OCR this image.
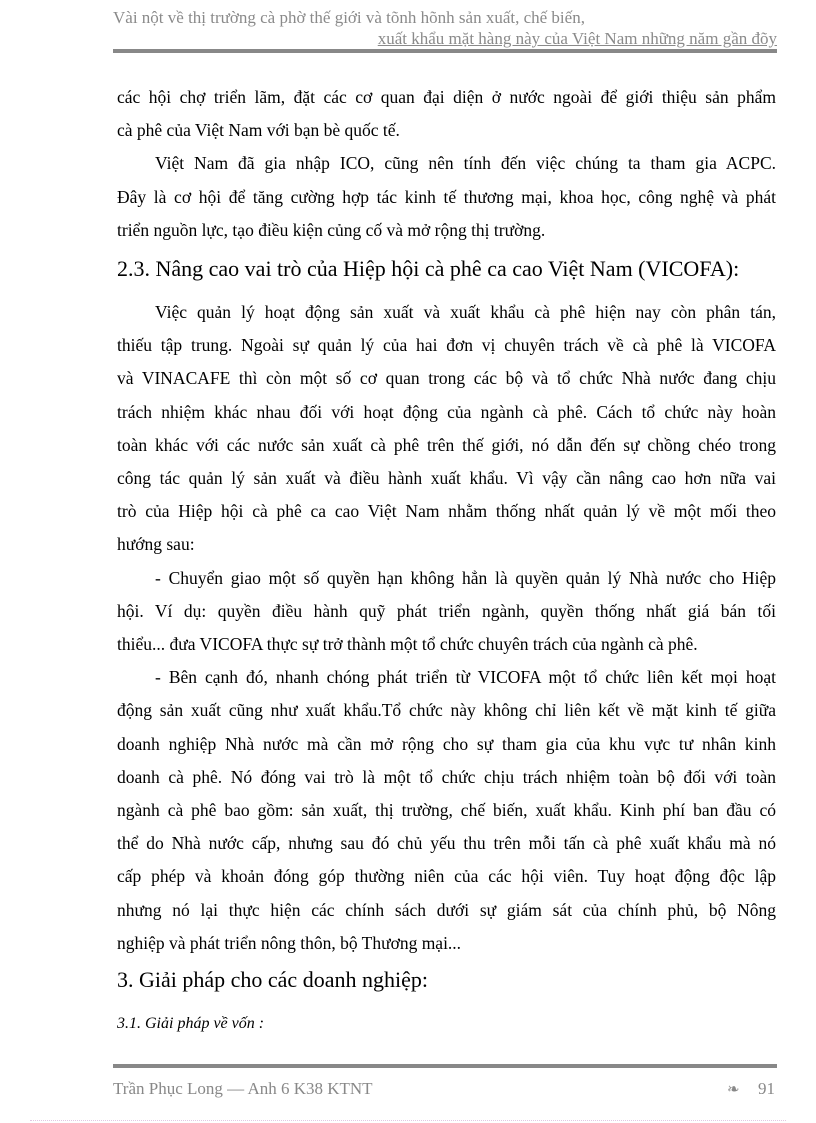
Vài nột về thị trường cà phờ thế giới và tõnh hõnh sản xuất, chế biến,
xuất khẩu mặt hàng này của Việt Nam những năm gần đõy
các hội chợ triển lãm, đặt các cơ quan đại diện ở nước ngoài để giới thiệu sản phẩm
cà phê của Việt Nam với bạn bè quốc tế.
Việt Nam đã gia nhập ICO, cũng nên tính đến việc chúng ta tham gia ACPC.
Đây là cơ hội để tăng cường hợp tác kinh tế thương mại, khoa học, công nghệ và phát
triển nguồn lực, tạo điều kiện củng cố và mở rộng thị trường.
2.3. Nâng cao vai trò của Hiệp hội cà phê ca cao Việt Nam (VICOFA):
Việc quản lý hoạt động sản xuất và xuất khẩu cà phê hiện nay còn phân tán,
thiếu tập trung. Ngoài sự quản lý của hai đơn vị chuyên trách về cà phê là VICOFA
và VINACAFE thì còn một số cơ quan trong các bộ và tổ chức Nhà nước đang chịu
trách nhiệm khác nhau đối với hoạt động của ngành cà phê. Cách tổ chức này hoàn
toàn khác với các nước sản xuất cà phê trên thế giới, nó dẫn đến sự chồng chéo trong
công tác quản lý sản xuất và điều hành xuất khẩu. Vì vậy cần nâng cao hơn nữa vai
trò của Hiệp hội cà phê ca cao Việt Nam nhằm thống nhất quản lý về một mối theo
hướng sau:
- Chuyển giao một số quyền hạn không hẳn là quyền quản lý Nhà nước cho Hiệp
hội. Ví dụ: quyền điều hành quỹ phát triển ngành, quyền thống nhất giá bán tối
thiểu... đưa VICOFA thực sự trở thành một tổ chức chuyên trách của ngành cà phê.
- Bên cạnh đó, nhanh chóng phát triển từ VICOFA một tổ chức liên kết mọi hoạt
động sản xuất cũng như xuất khẩu.Tổ chức này không chỉ liên kết về mặt kinh tế giữa
doanh nghiệp Nhà nước mà cần mở rộng cho sự tham gia của khu vực tư nhân kinh
doanh cà phê. Nó đóng vai trò là một tổ chức chịu trách nhiệm toàn bộ đối với toàn
ngành cà phê bao gồm: sản xuất, thị trường, chế biến, xuất khẩu. Kinh phí ban đầu có
thể do Nhà nước cấp, nhưng sau đó chủ yếu thu trên mỗi tấn cà phê xuất khẩu mà nó
cấp phép và khoản đóng góp thường niên của các hội viên. Tuy hoạt động độc lập
nhưng nó lại thực hiện các chính sách dưới sự giám sát của chính phủ, bộ Nông
nghiệp và phát triển nông thôn, bộ Thương mại...
3. Giải pháp cho các doanh nghiệp:
3.1. Giải pháp về vốn :
Trần Phục Long — Anh 6 K38 KTNT	❧ 91
